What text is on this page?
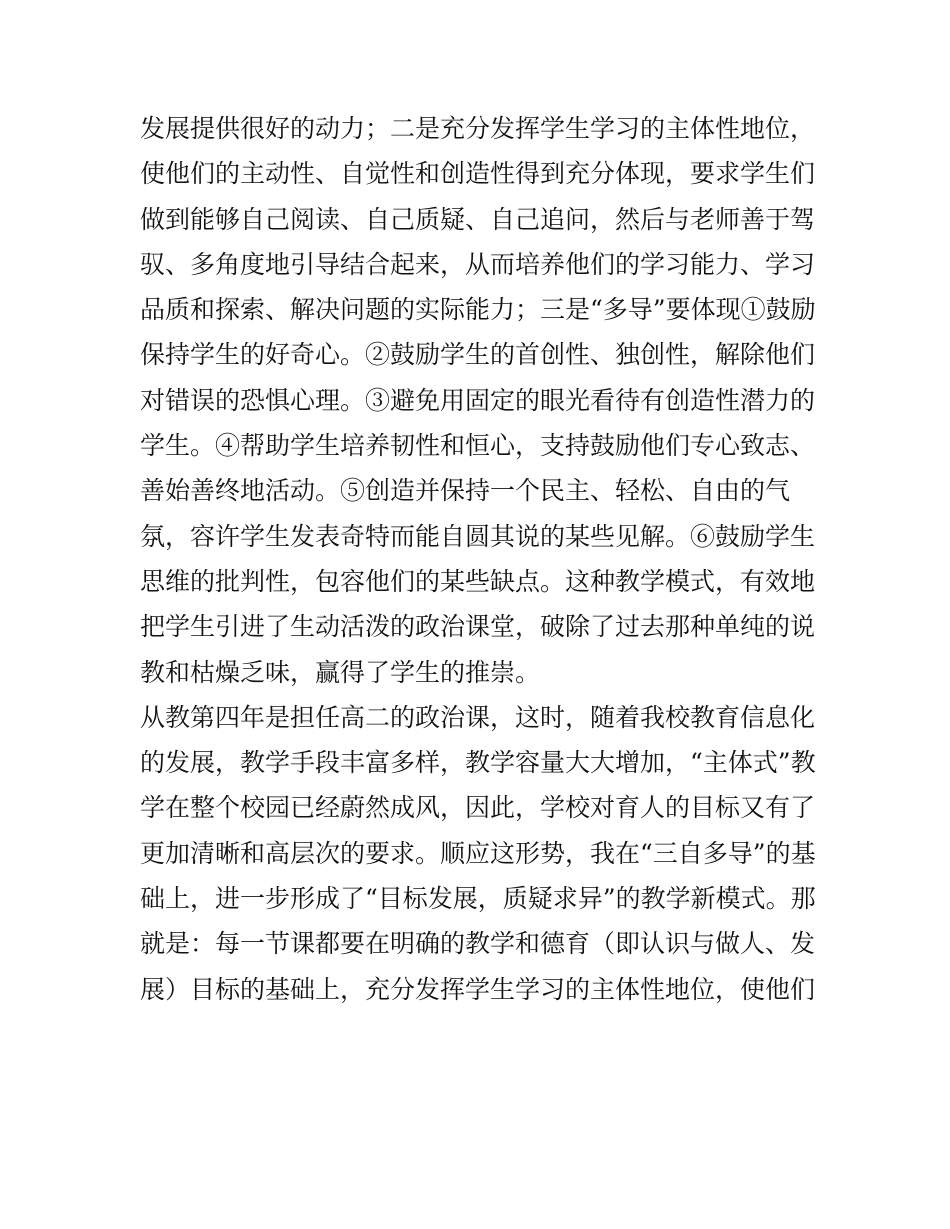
发展提供很好的动力；二是充分发挥学生学习的主体性地位，
使他们的主动性、自觉性和创造性得到充分体现，要求学生们
做到能够自己阅读、自己质疑、自己追问，然后与老师善于驾
驭、多角度地引导结合起来，从而培养他们的学习能力、学习
品质和探索、解决问题的实际能力；三是“多导”要体现①鼓励
保持学生的好奇心。②鼓励学生的首创性、独创性，解除他们
对错误的恐惧心理。③避免用固定的眼光看待有创造性潜力的
学生。④帮助学生培养韧性和恒心，支持鼓励他们专心致志、
善始善终地活动。⑤创造并保持一个民主、轻松、自由的气
氛，容许学生发表奇特而能自圆其说的某些见解。⑥鼓励学生
思维的批判性，包容他们的某些缺点。这种教学模式，有效地
把学生引进了生动活泼的政治课堂，破除了过去那种单纯的说
教和枯燥乏味，赢得了学生的推崇。
从教第四年是担任高二的政治课，这时，随着我校教育信息化
的发展，教学手段丰富多样，教学容量大大增加，“主体式”教
学在整个校园已经蔚然成风，因此，学校对育人的目标又有了
更加清晰和高层次的要求。顺应这形势，我在“三自多导”的基
础上，进一步形成了“目标发展，质疑求异”的教学新模式。那
就是：每一节课都要在明确的教学和德育（即认识与做人、发
展）目标的基础上，充分发挥学生学习的主体性地位，使他们
